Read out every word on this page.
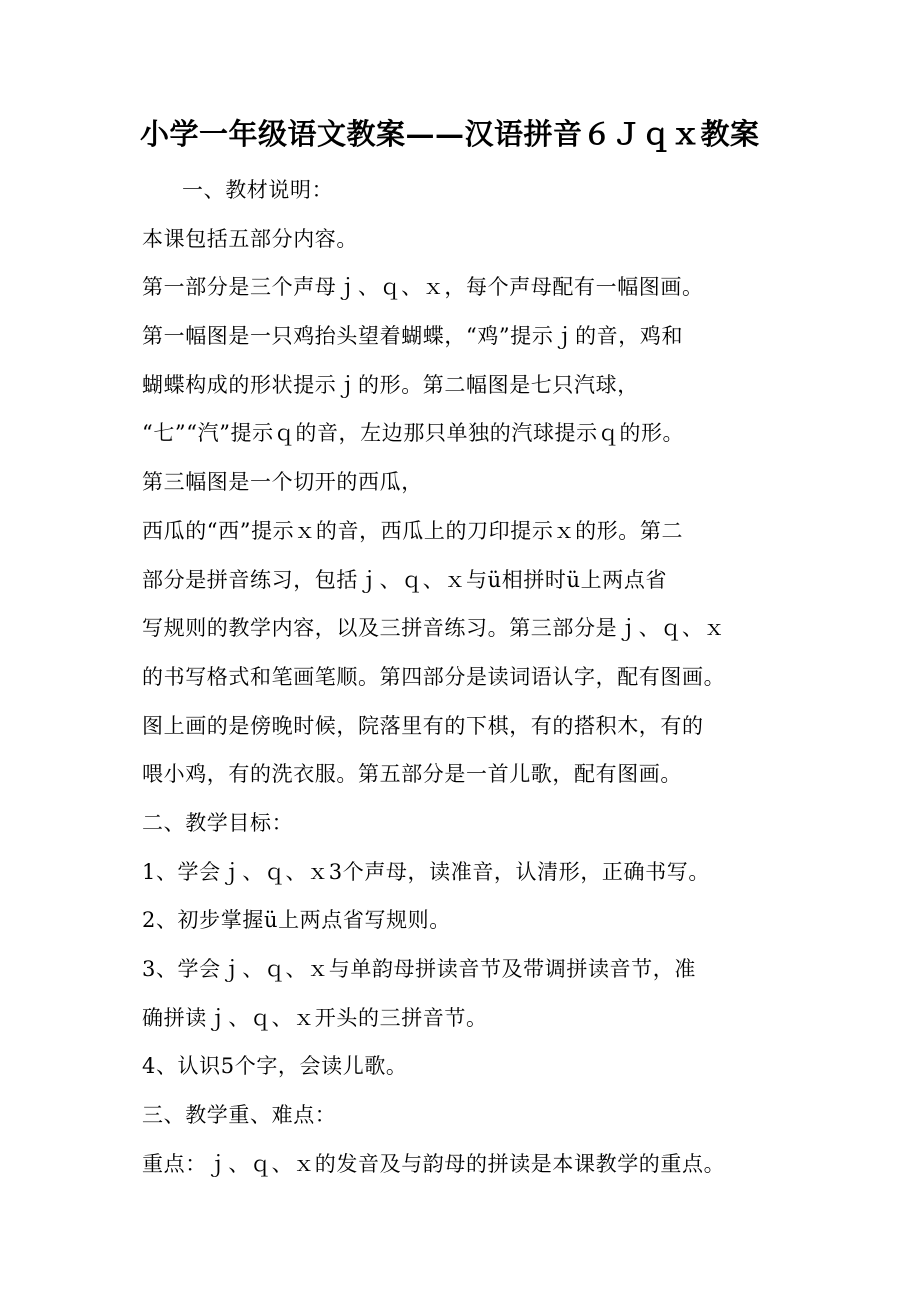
小学一年级语文教案——汉语拼音６Ｊｑｘ教案
一、教材说明：
本课包括五部分内容。
第一部分是三个声母ｊ、ｑ、ｘ，每个声母配有一幅图画。
第一幅图是一只鸡抬头望着蝴蝶，“鸡”提示ｊ的音，鸡和
蝴蝶构成的形状提示ｊ的形。第二幅图是七只汽球，
“七”“汽”提示ｑ的音，左边那只单独的汽球提示ｑ的形。
第三幅图是一个切开的西瓜，
西瓜的“西”提示ｘ的音，西瓜上的刀印提示ｘ的形。第二
部分是拼音练习，包括ｊ、ｑ、ｘ与ü相拼时ü上两点省
写规则的教学内容，以及三拼音练习。第三部分是ｊ、ｑ、ｘ
的书写格式和笔画笔顺。第四部分是读词语认字，配有图画。
图上画的是傍晚时候，院落里有的下棋，有的搭积木，有的
喂小鸡，有的洗衣服。第五部分是一首儿歌，配有图画。
二、教学目标：
1、学会ｊ、ｑ、ｘ3个声母，读准音，认清形，正确书写。
2、初步掌握ü上两点省写规则。
3、学会ｊ、ｑ、ｘ与单韵母拼读音节及带调拼读音节，准
确拼读ｊ、ｑ、ｘ开头的三拼音节。
4、认识5个字，会读儿歌。
三、教学重、难点：
重点：ｊ、ｑ、ｘ的发音及与韵母的拼读是本课教学的重点。
